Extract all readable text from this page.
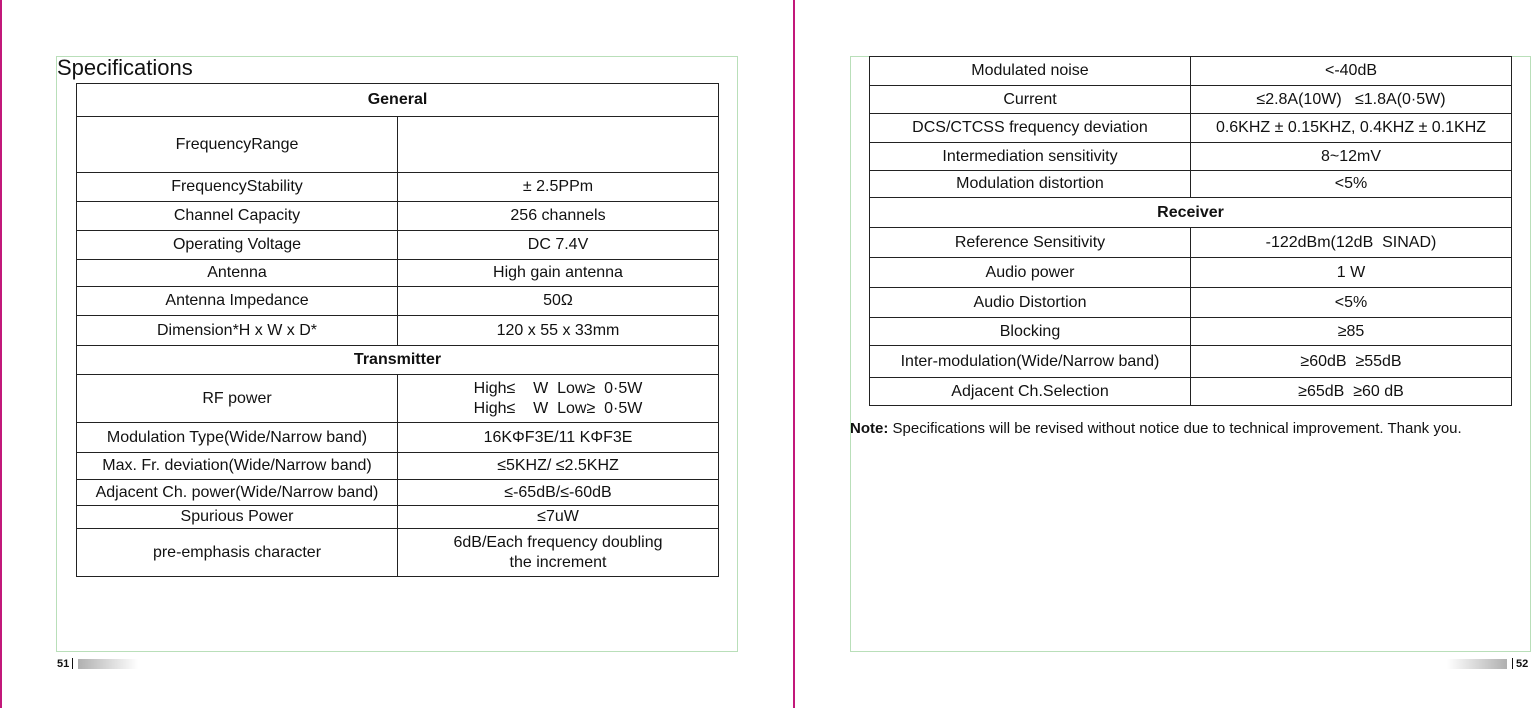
Specifications
General	
FrequencyRange	
FrequencyStability	± 2.5PPm
Channel Capacity	256 channels
Operating Voltage	DC 7.4V
Antenna	High gain antenna
Antenna Impedance	50Ω
Dimension*H x W x D*	120 x 55 x 33mm
Transmitter	
RF power	High≤    W  Low≥  0·5W
High≤    W  Low≥  0·5W

Modulation Type(Wide/Narrow band)	16KΦF3E/11 KΦF3E
Max. Fr. deviation(Wide/Narrow band)	≤5KHZ/ ≤2.5KHZ
Adjacent Ch. power(Wide/Narrow band)	≤-65dB/≤-60dB
Spurious Power	≤7uW
pre-emphasis character	6dB/Each frequency doubling
the increment
51
Modulated noise	<-40dB
Current	≤2.8A(10W)   ≤1.8A(0·5W)
DCS/CTCSS frequency deviation	0.6KHZ ± 0.15KHZ, 0.4KHZ ± 0.1KHZ
Intermediation sensitivity	8~12mV
Modulation distortion	<5%
Receiver	
Reference Sensitivity	-122dBm(12dB  SINAD)
Audio power	1 W
Audio Distortion	<5%
Blocking	≥85
Inter-modulation(Wide/Narrow band)	≥60dB  ≥55dB
Adjacent Ch.Selection	≥65dB  ≥60 dB
Note: Specifications will be revised without notice due to technical improvement. Thank you.
52
